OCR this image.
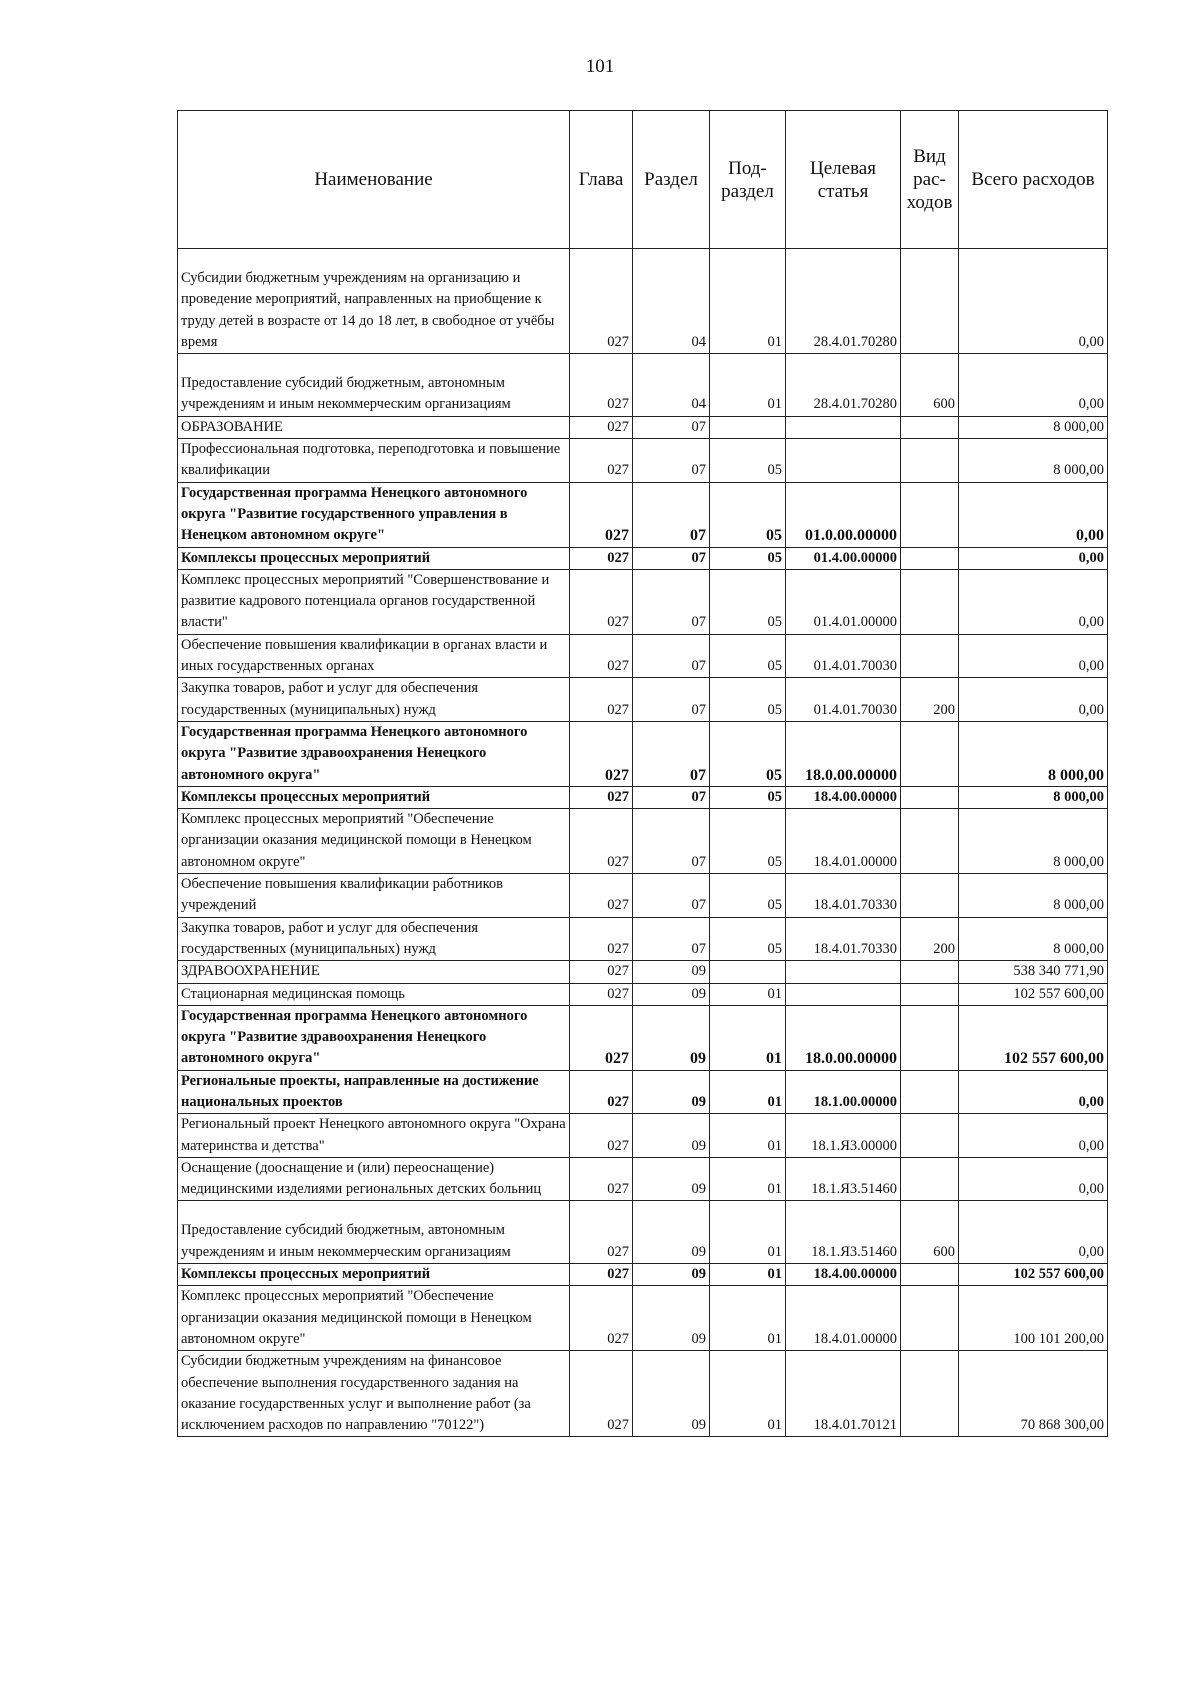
101
Наименование	Глава	Раздел	Под-раздел	Целевая статья	Вид рас-ходов	Всего расходов
Субсидии бюджетным учреждениям на организацию и проведение мероприятий, направленных на приобщение к труду детей в возрасте от 14 до 18 лет, в свободное от учёбы время	027	04	01	28.4.01.70280		0,00
Предоставление субсидий бюджетным, автономным учреждениям и иным некоммерческим организациям	027	04	01	28.4.01.70280	600	0,00
ОБРАЗОВАНИЕ	027	07				8 000,00
Профессиональная подготовка, переподготовка и повышение квалификации	027	07	05			8 000,00
Государственная программа Ненецкого автономного округа "Развитие государственного управления в Ненецком автономном округе"	027	07	05	01.0.00.00000		0,00
Комплексы процессных мероприятий	027	07	05	01.4.00.00000		0,00
Комплекс процессных мероприятий "Совершенствование и развитие кадрового потенциала органов государственной власти"	027	07	05	01.4.01.00000		0,00
Обеспечение повышения квалификации в органах власти и иных государственных органах	027	07	05	01.4.01.70030		0,00
Закупка товаров, работ и услуг для обеспечения государственных (муниципальных) нужд	027	07	05	01.4.01.70030	200	0,00
Государственная программа Ненецкого автономного округа "Развитие здравоохранения Ненецкого автономного округа"	027	07	05	18.0.00.00000		8 000,00
Комплексы процессных мероприятий	027	07	05	18.4.00.00000		8 000,00
Комплекс процессных мероприятий "Обеспечение организации оказания медицинской помощи в Ненецком автономном округе"	027	07	05	18.4.01.00000		8 000,00
Обеспечение повышения квалификации работников учреждений	027	07	05	18.4.01.70330		8 000,00
Закупка товаров, работ и услуг для обеспечения государственных (муниципальных) нужд	027	07	05	18.4.01.70330	200	8 000,00
ЗДРАВООХРАНЕНИЕ	027	09				538 340 771,90
Стационарная медицинская помощь	027	09	01			102 557 600,00
Государственная программа Ненецкого автономного округа "Развитие здравоохранения Ненецкого автономного округа"	027	09	01	18.0.00.00000		102 557 600,00
Региональные проекты, направленные на достижение национальных проектов	027	09	01	18.1.00.00000		0,00
Региональный проект Ненецкого автономного округа "Охрана материнства и детства"	027	09	01	18.1.Я3.00000		0,00
Оснащение (дооснащение и (или) переоснащение) медицинскими изделиями региональных детских больниц	027	09	01	18.1.Я3.51460		0,00
Предоставление субсидий бюджетным, автономным учреждениям и иным некоммерческим организациям	027	09	01	18.1.Я3.51460	600	0,00
Комплексы процессных мероприятий	027	09	01	18.4.00.00000		102 557 600,00
Комплекс процессных мероприятий "Обеспечение организации оказания медицинской помощи в Ненецком автономном округе"	027	09	01	18.4.01.00000		100 101 200,00
Субсидии бюджетным учреждениям на финансовое обеспечение выполнения государственного задания на оказание государственных услуг и выполнение работ (за исключением расходов по направлению "70122")	027	09	01	18.4.01.70121		70 868 300,00
